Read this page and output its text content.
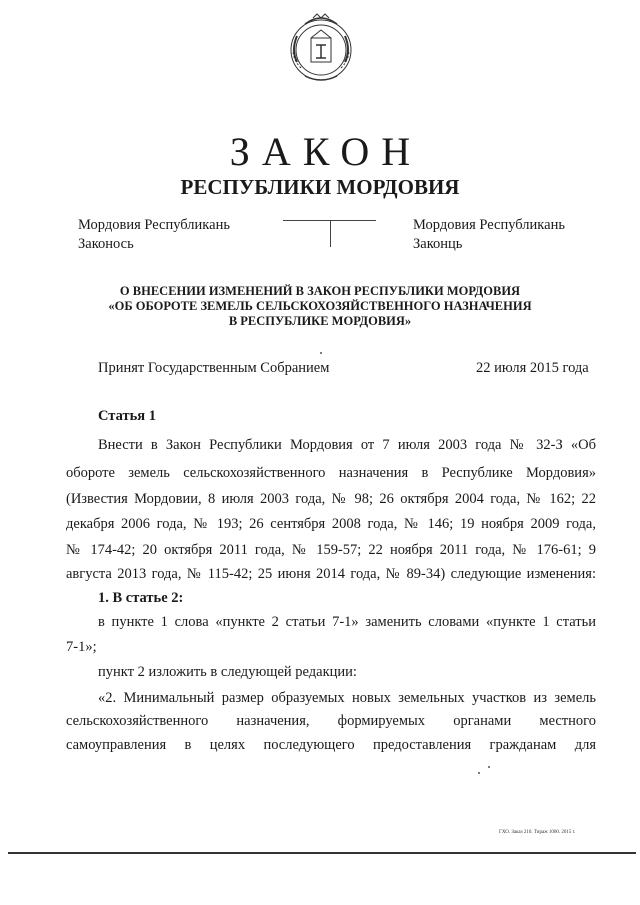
ЗАКОН
РЕСПУБЛИКИ МОРДОВИЯ
Мордовия Республикань
Законось
Мордовия Республикань
Законць
О ВНЕСЕНИИ ИЗМЕНЕНИЙ В ЗАКОН РЕСПУБЛИКИ МОРДОВИЯ
«ОБ ОБОРОТЕ ЗЕМЕЛЬ СЕЛЬСКОХОЗЯЙСТВЕННОГО НАЗНАЧЕНИЯ
В РЕСПУБЛИКЕ МОРДОВИЯ»
Принят Государственным Собранием	22 июля 2015 года
Статья 1
Внести в Закон Республики Мордовия от 7 июля 2003 года № 32-З «Об
обороте земель сельскохозяйственного назначения в Республике Мордовия»
(Известия Мордовии, 8 июля 2003 года, № 98; 26 октября 2004 года, № 162; 22
декабря 2006 года, № 193; 26 сентября 2008 года, № 146; 19 ноября 2009 года,
№ 174-42; 20 октября 2011 года, № 159-57; 22 ноября 2011 года, № 176-61; 9
августа 2013 года, № 115-42; 25 июня 2014 года, № 89-34) следующие изменения:
1. В статье 2:
в пункте 1 слова «пункте 2 статьи 7-1» заменить словами «пункте 1 статьи
7-1»;
пункт 2 изложить в следующей редакции:
«2. Минимальный размер образуемых новых земельных участков из земель
сельскохозяйственного назначения, формируемых органами местного
самоуправления в целях последующего предоставления гражданам для
ГХО. Заказ 210. Тираж 1000. 2015 г.
